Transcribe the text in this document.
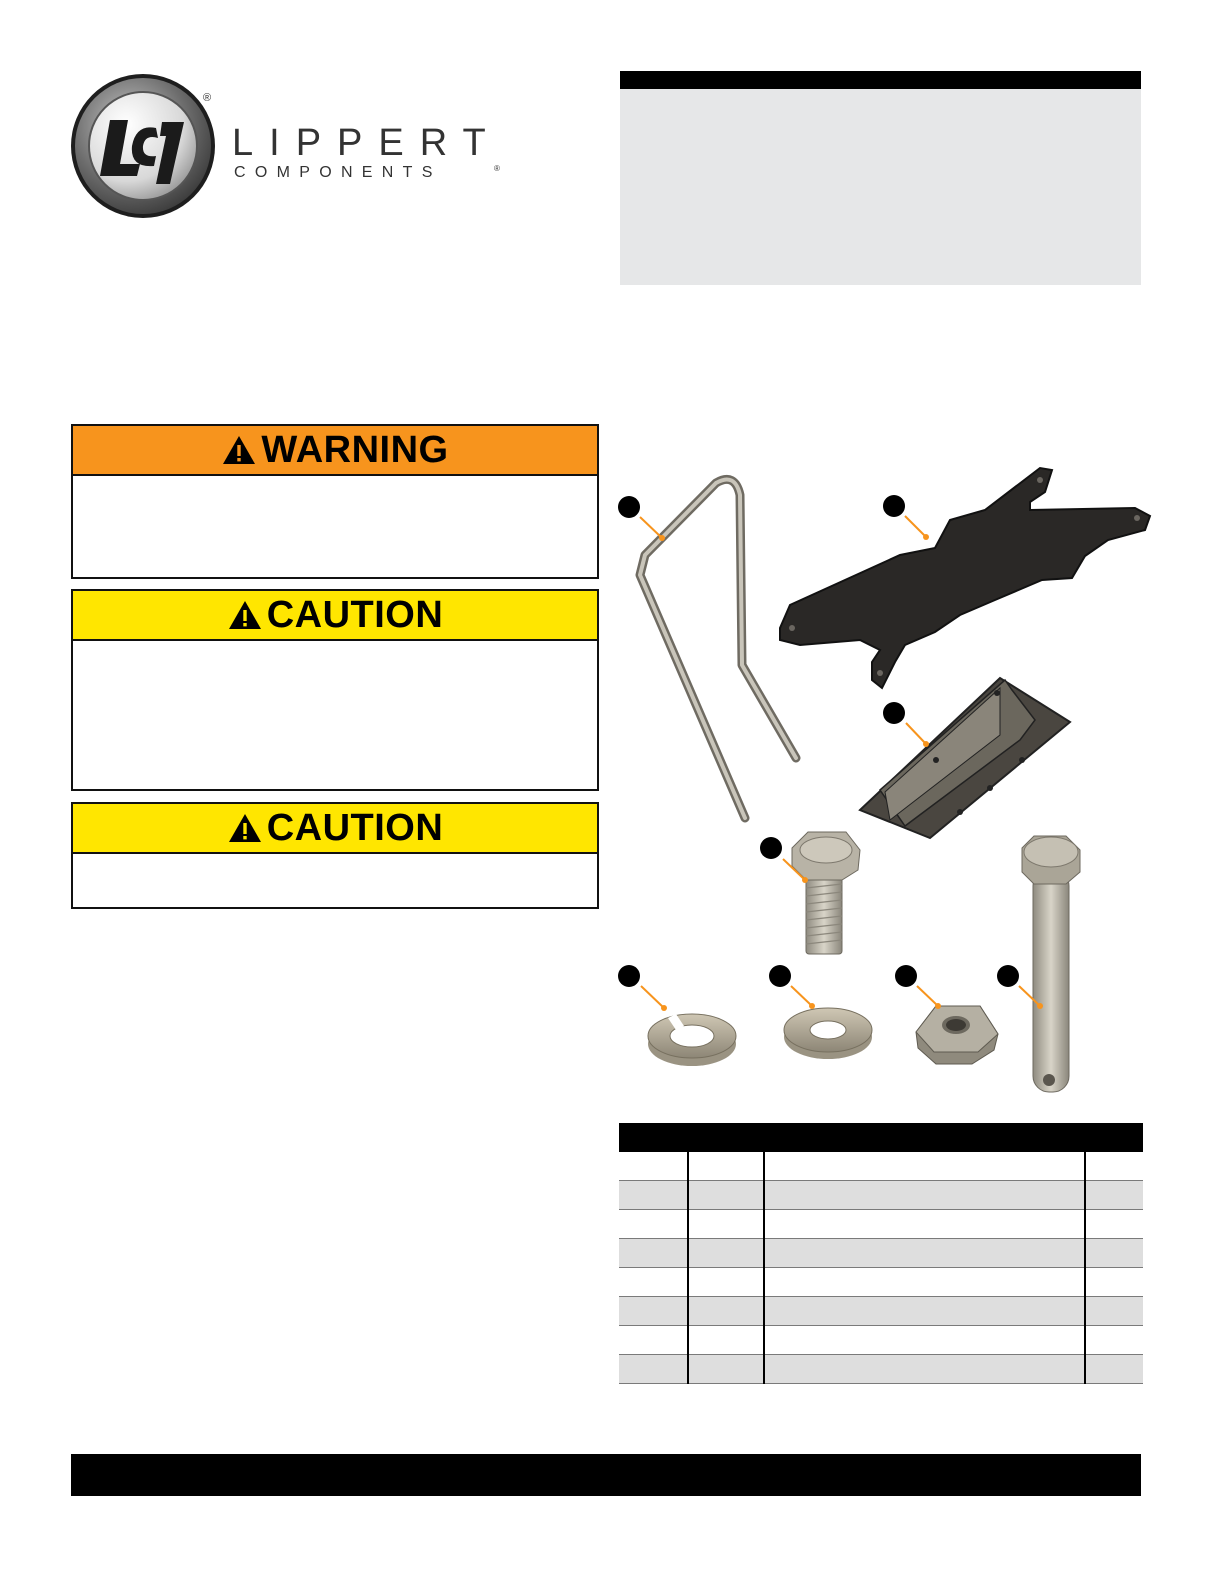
®
LIPPERT
COMPONENTS	®
WARNING
CAUTION
CAUTION
